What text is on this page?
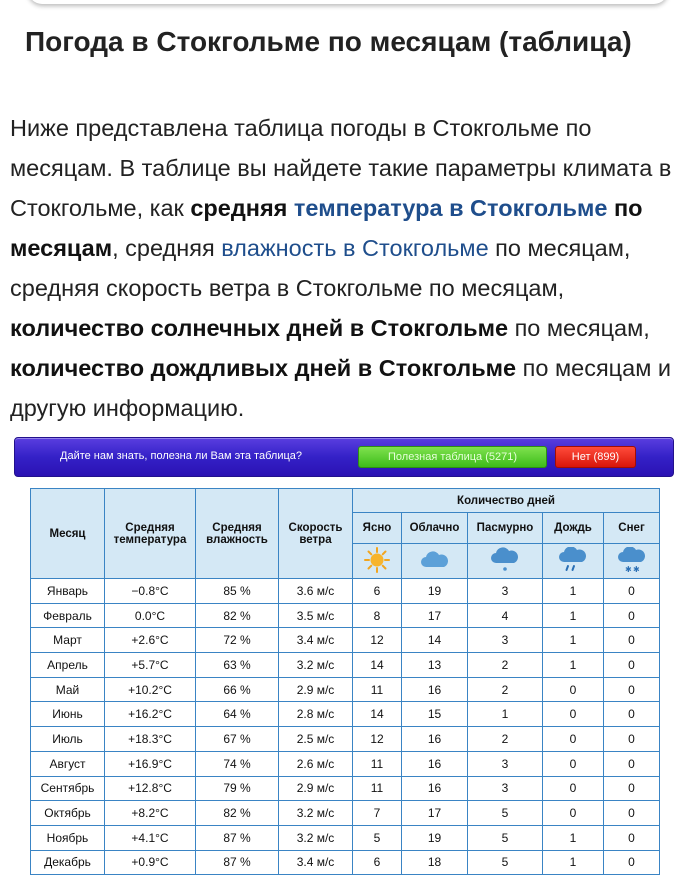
Погода в Стокгольме по месяцам (таблица)

Ниже представлена таблица погоды в Стокгольме по месяцам. В таблице вы найдете такие параметры климата в Стокгольме, как средняя температура в Стокгольме по месяцам, средняя влажность в Стокгольме по месяцам, средняя скорость ветра в Стокгольме по месяцам, количество солнечных дней в Стокгольме по месяцам, количество дождливых дней в Стокгольме по месяцам и другую информацию.

Дайте нам знать, полезна ли Вам эта таблица?	Полезная таблица (5271)	Нет (899)
Месяц	Средняя температура	Средняя влажность	Скорость ветра	Количество дней				
				Ясно	Облачно	Пасмурно	Дождь	Снег

✱ ✱

Январь	−0.8°C	85 %	3.6 м/с	6	19	3	1	0
Февраль	0.0°C	82 %	3.5 м/с	8	17	4	1	0
Март	+2.6°C	72 %	3.4 м/с	12	14	3	1	0
Апрель	+5.7°C	63 %	3.2 м/с	14	13	2	1	0
Май	+10.2°C	66 %	2.9 м/с	11	16	2	0	0
Июнь	+16.2°C	64 %	2.8 м/с	14	15	1	0	0
Июль	+18.3°C	67 %	2.5 м/с	12	16	2	0	0
Август	+16.9°C	74 %	2.6 м/с	11	16	3	0	0
Сентябрь	+12.8°C	79 %	2.9 м/с	11	16	3	0	0
Октябрь	+8.2°C	82 %	3.2 м/с	7	17	5	0	0
Ноябрь	+4.1°C	87 %	3.2 м/с	5	19	5	1	0
Декабрь	+0.9°C	87 %	3.4 м/с	6	18	5	1	0
